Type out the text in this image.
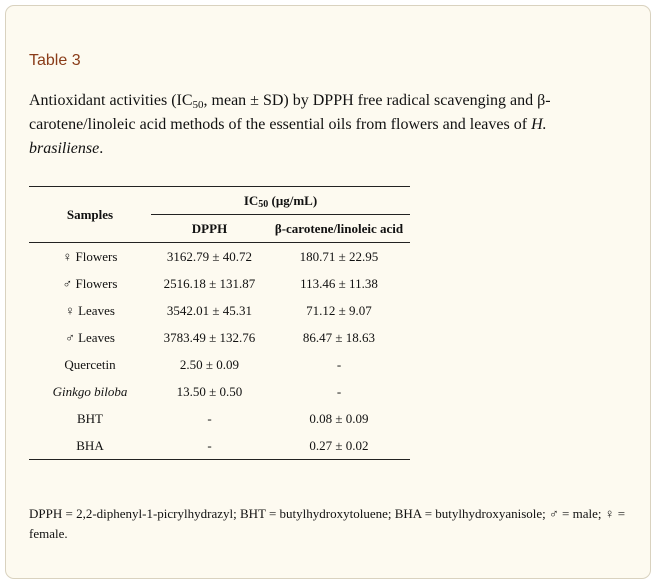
Table 3
Antioxidant activities ($IC_{50}$, mean ± SD) by DPPH free radical scavenging and β-carotene/linoleic acid methods of the essential oils from flowers and leaves of H. brasiliense.
Samples	IC50 (μg/mL)	
	DPPH	β-carotene/linoleic acid
♀ Flowers	3162.79 ± 40.72	180.71 ± 22.95
♂ Flowers	2516.18 ± 131.87	113.46 ± 11.38
♀ Leaves	3542.01 ± 45.31	71.12 ± 9.07
♂ Leaves	3783.49 ± 132.76	86.47 ± 18.63
Quercetin	2.50 ± 0.09	-
Ginkgo biloba	13.50 ± 0.50	-
BHT	-	0.08 ± 0.09
BHA	-	0.27 ± 0.02
DPPH = 2,2-diphenyl-1-picrylhydrazyl; BHT = butylhydroxytoluene; BHA = butylhydroxyanisole; ♂ = male; ♀ = female.
